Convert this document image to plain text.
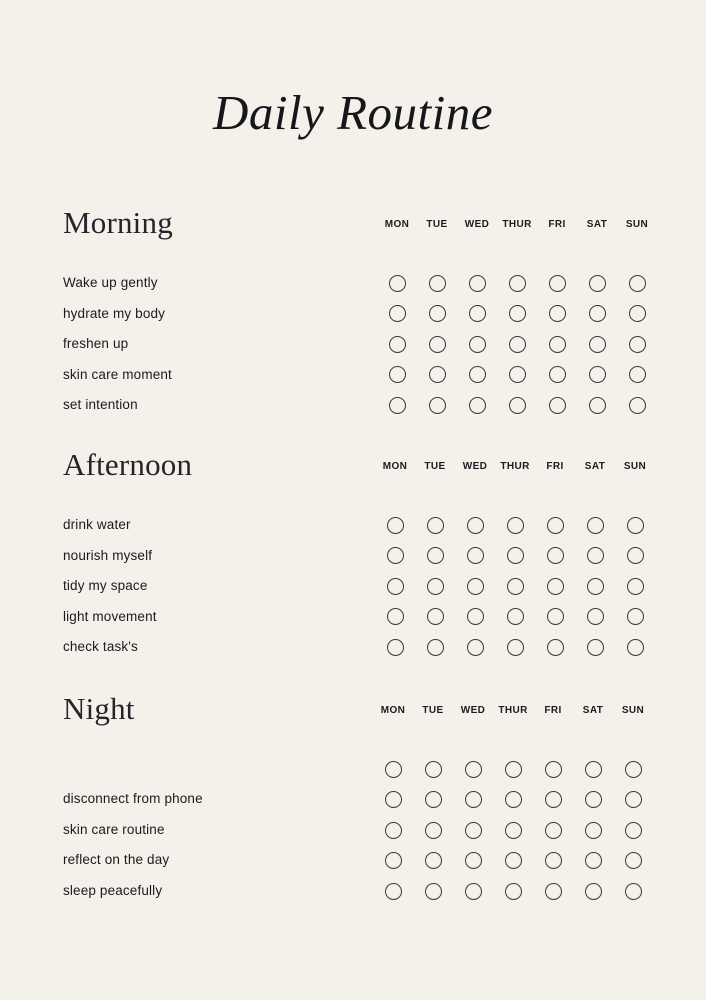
Daily Routine
Morning	MON	TUE	WED	THUR	FRI	SAT	SUN
Wake up gently
hydrate my body
freshen up
skin care moment
set intention
Afternoon	MON	TUE	WED	THUR	FRI	SAT	SUN
drink water
nourish myself
tidy my space
light movement
check task's
Night	MON	TUE	WED	THUR	FRI	SAT	SUN
disconnect from phone
skin care routine
reflect on the day
sleep peacefully
